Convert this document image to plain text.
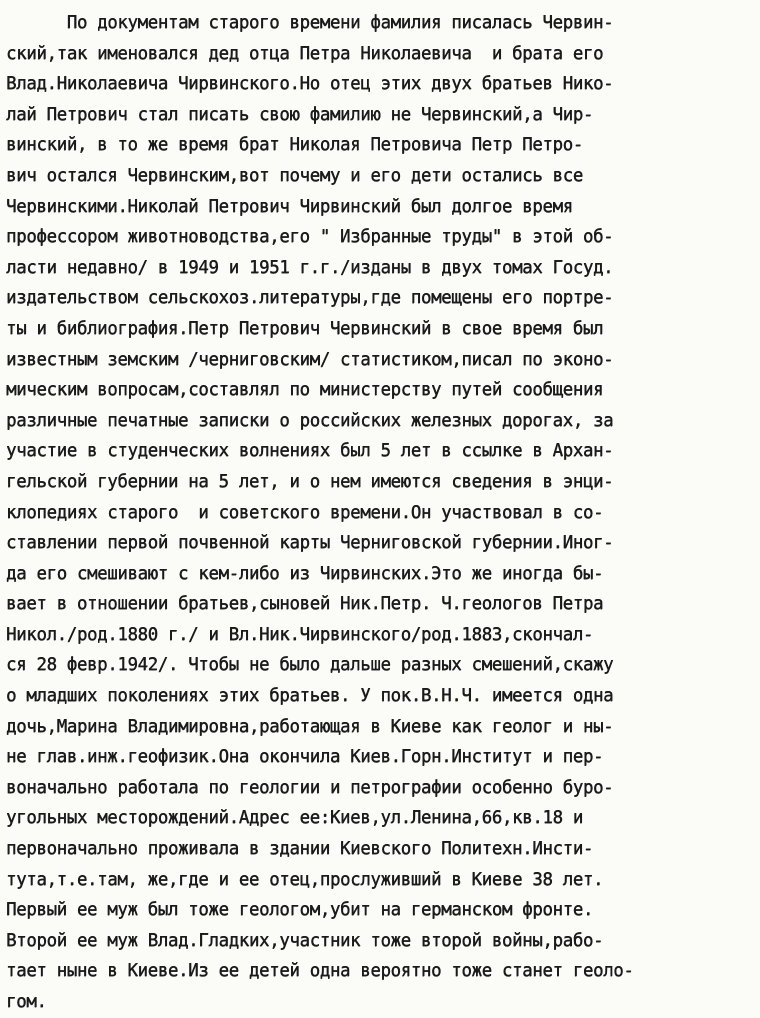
По документам старого времени фамилия писалась Червин-
ский,так именовался дед отца Петра Николаевича  и брата его
Влад.Николаевича Чирвинского.Но отец этих двух братьев Нико-
лай Петрович стал писать свою фамилию не Червинский,а Чир-
винский, в то же время брат Николая Петровича Петр Петро-
вич остался Червинским,вот почему и его дети остались все
Червинскими.Николай Петрович Чирвинский был долгое время
профессором животноводства,его " Избранные труды" в этой об-
ласти недавно/ в 1949 и 1951 г.г./изданы в двух томах Госуд.
издательством сельскохоз.литературы,где помещены его портре-
ты и библиография.Петр Петрович Червинский в свое время был
известным земским /черниговским/ статистиком,писал по эконо-
мическим вопросам,составлял по министерству путей сообщения
различные печатные записки о российских железных дорогах, за
участие в студенческих волнениях был 5 лет в ссылке в Архан-
гельской губернии на 5 лет, и о нем имеются сведения в энци-
клопедиях старого  и советского времени.Он участвовал в со-
ставлении первой почвенной карты Черниговской губернии.Иног-
да его смешивают с кем-либо из Чирвинских.Это же иногда бы-
вает в отношении братьев,сыновей Ник.Петр. Ч.геологов Петра
Никол./род.1880 г./ и Вл.Ник.Чирвинского/род.1883,скончал-
ся 28 февр.1942/. Чтобы не было дальше разных смешений,скажу
о младших поколениях этих братьев. У пок.В.Н.Ч. имеется одна
дочь,Марина Владимировна,работающая в Киеве как геолог и ны-
не глав.инж.геофизик.Она окончила Киев.Горн.Институт и пер-
воначально работала по геологии и петрографии особенно буро-
угольных месторождений.Адрес ее:Киев,ул.Ленина,66,кв.18 и
первоначально проживала в здании Киевского Политехн.Инсти-
тута,т.е.там, же,где и ее отец,прослуживший в Киеве 38 лет.
Первый ее муж был тоже геологом,убит на германском фронте.
Второй ее муж Влад.Гладких,участник тоже второй войны,рабо-
тает ныне в Киеве.Из ее детей одна вероятно тоже станет геоло-
гом.
